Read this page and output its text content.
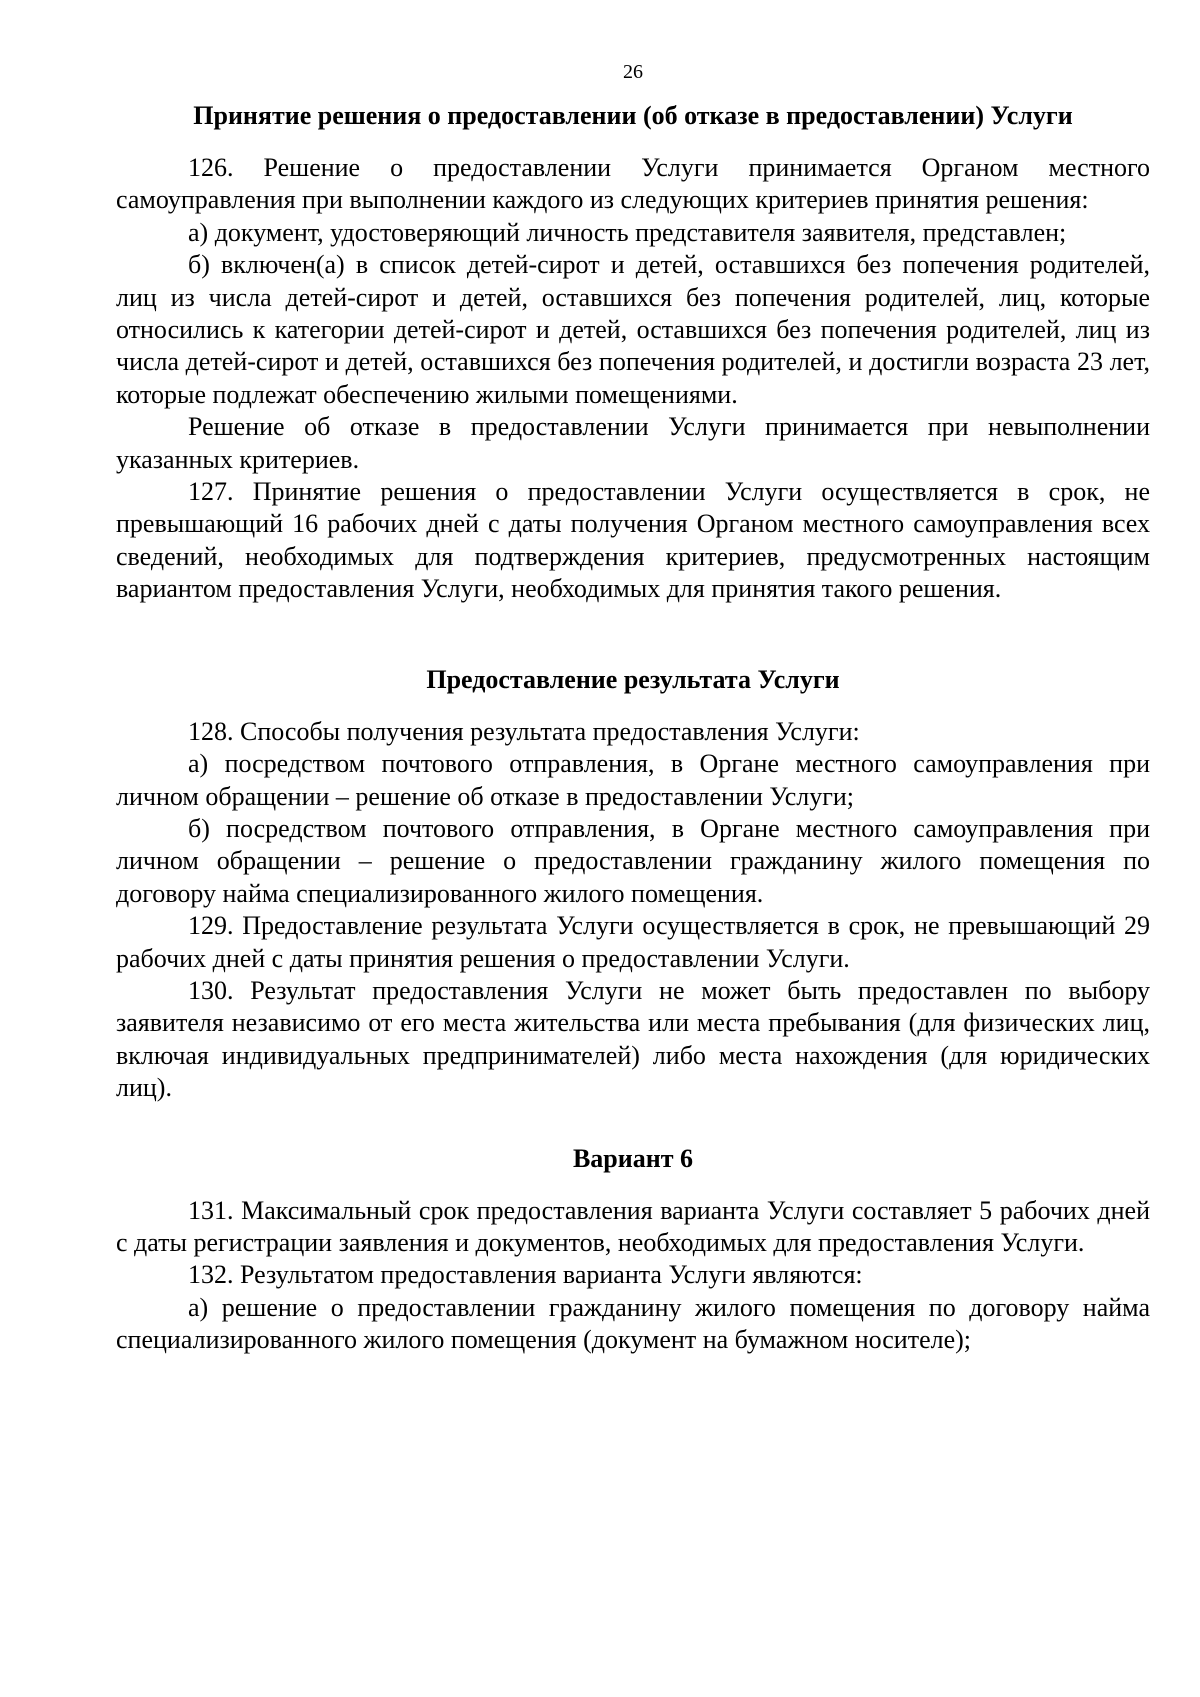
26
Принятие решения о предоставлении (об отказе в предоставлении) Услуги

126. Решение о предоставлении Услуги принимается Органом местного самоуправления при выполнении каждого из следующих критериев принятия решения:

а) документ, удостоверяющий личность представителя заявителя, представлен;

б) включен(а) в список детей-сирот и детей, оставшихся без попечения родителей, лиц из числа детей-сирот и детей, оставшихся без попечения родителей, лиц, которые относились к категории детей-сирот и детей, оставшихся без попечения родителей, лиц из числа детей-сирот и детей, оставшихся без попечения родителей, и достигли возраста 23 лет, которые подлежат обеспечению жилыми помещениями.

Решение об отказе в предоставлении Услуги принимается при невыполнении указанных критериев.

127. Принятие решения о предоставлении Услуги осуществляется в срок, не превышающий 16 рабочих дней с даты получения Органом местного самоуправления всех сведений, необходимых для подтверждения критериев, предусмотренных настоящим вариантом предоставления Услуги, необходимых для принятия такого решения.

Предоставление результата Услуги

128. Способы получения результата предоставления Услуги:

а) посредством почтового отправления, в Органе местного самоуправления при личном обращении – решение об отказе в предоставлении Услуги;

б) посредством почтового отправления, в Органе местного самоуправления при личном обращении – решение о предоставлении гражданину жилого помещения по договору найма специализированного жилого помещения.

129. Предоставление результата Услуги осуществляется в срок, не превышающий 29 рабочих дней с даты принятия решения о предоставлении Услуги.

130. Результат предоставления Услуги не может быть предоставлен по выбору заявителя независимо от его места жительства или места пребывания (для физических лиц, включая индивидуальных предпринимателей) либо места нахождения (для юридических лиц).

Вариант 6

131. Максимальный срок предоставления варианта Услуги составляет 5 рабочих дней с даты регистрации заявления и документов, необходимых для предоставления Услуги.

132. Результатом предоставления варианта Услуги являются:

а) решение о предоставлении гражданину жилого помещения по договору найма специализированного жилого помещения (документ на бумажном носителе);
